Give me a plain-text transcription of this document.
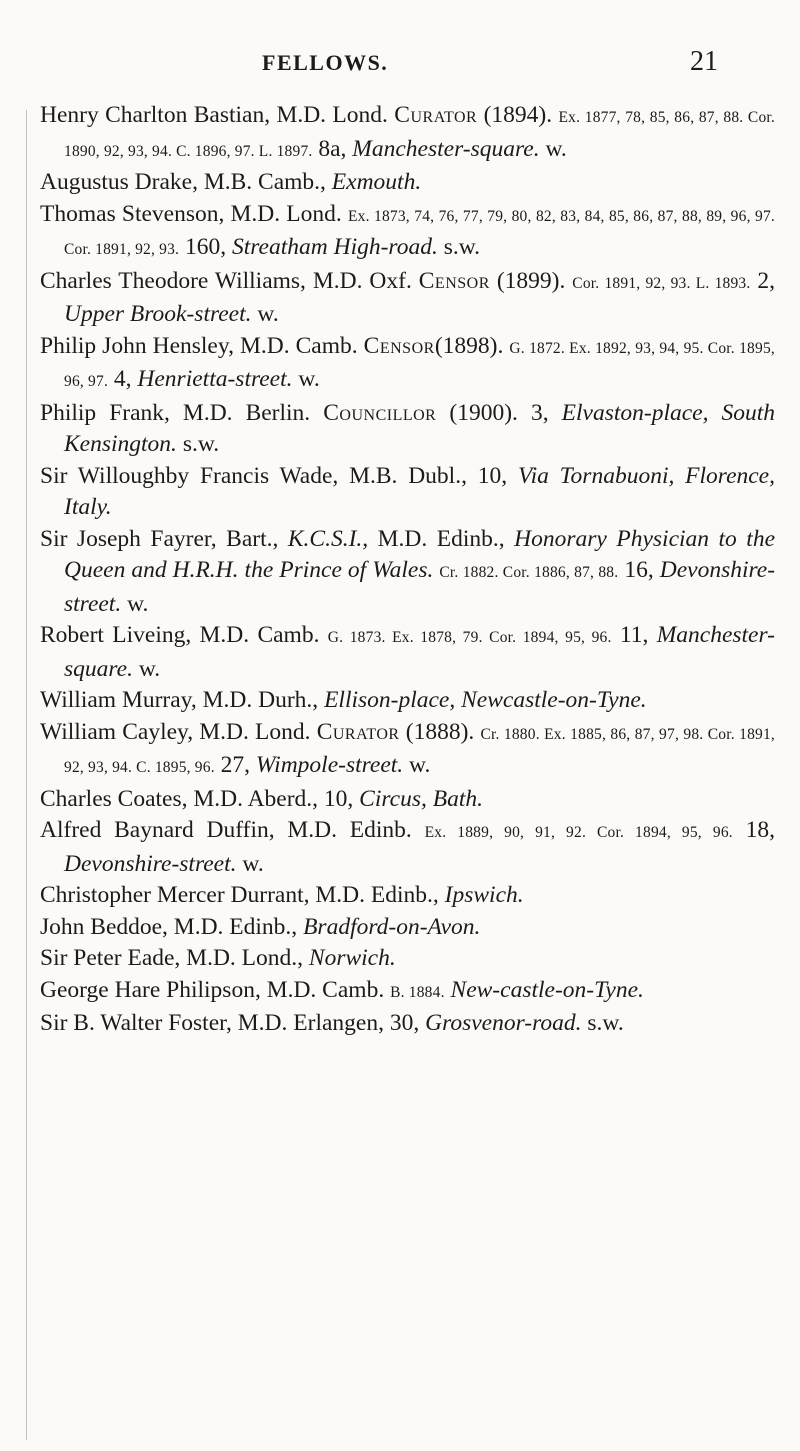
FELLOWS.	21

Henry Charlton Bastian, M.D. Lond. Curator (1894). Ex. 1877, 78, 85, 86, 87, 88. Cor. 1890, 92, 93, 94. C. 1896, 97. L. 1897. 8a, Manchester-square. w.

Augustus Drake, M.B. Camb., Exmouth.

Thomas Stevenson, M.D. Lond. Ex. 1873, 74, 76, 77, 79, 80, 82, 83, 84, 85, 86, 87, 88, 89, 96, 97. Cor. 1891, 92, 93. 160, Streatham High-road. s.w.

Charles Theodore Williams, M.D. Oxf. Censor (1899). Cor. 1891, 92, 93. L. 1893. 2, Upper Brook-street. w.

Philip John Hensley, M.D. Camb. Censor(1898). G. 1872. Ex. 1892, 93, 94, 95. Cor. 1895, 96, 97. 4, Henrietta-street. w.

Philip Frank, M.D. Berlin. Councillor (1900). 3, Elvaston-place, South Kensington. s.w.

Sir Willoughby Francis Wade, M.B. Dubl., 10, Via Tornabuoni, Florence, Italy.

Sir Joseph Fayrer, Bart., K.C.S.I., M.D. Edinb., Honorary Physician to the Queen and H.R.H. the Prince of Wales. Cr. 1882. Cor. 1886, 87, 88. 16, Devonshire-street. w.

Robert Liveing, M.D. Camb. G. 1873. Ex. 1878, 79. Cor. 1894, 95, 96. 11, Manchester-square. w.

William Murray, M.D. Durh., Ellison-place, Newcastle-on-Tyne.

William Cayley, M.D. Lond. Curator (1888). Cr. 1880. Ex. 1885, 86, 87, 97, 98. Cor. 1891, 92, 93, 94. C. 1895, 96. 27, Wimpole-street. w.

Charles Coates, M.D. Aberd., 10, Circus, Bath.

Alfred Baynard Duffin, M.D. Edinb. Ex. 1889, 90, 91, 92. Cor. 1894, 95, 96. 18, Devonshire-street. w.

Christopher Mercer Durrant, M.D. Edinb., Ipswich.

John Beddoe, M.D. Edinb., Bradford-on-Avon.

Sir Peter Eade, M.D. Lond., Norwich.

George Hare Philipson, M.D. Camb. B. 1884. New-castle-on-Tyne.

Sir B. Walter Foster, M.D. Erlangen, 30, Grosvenor-road. s.w.
